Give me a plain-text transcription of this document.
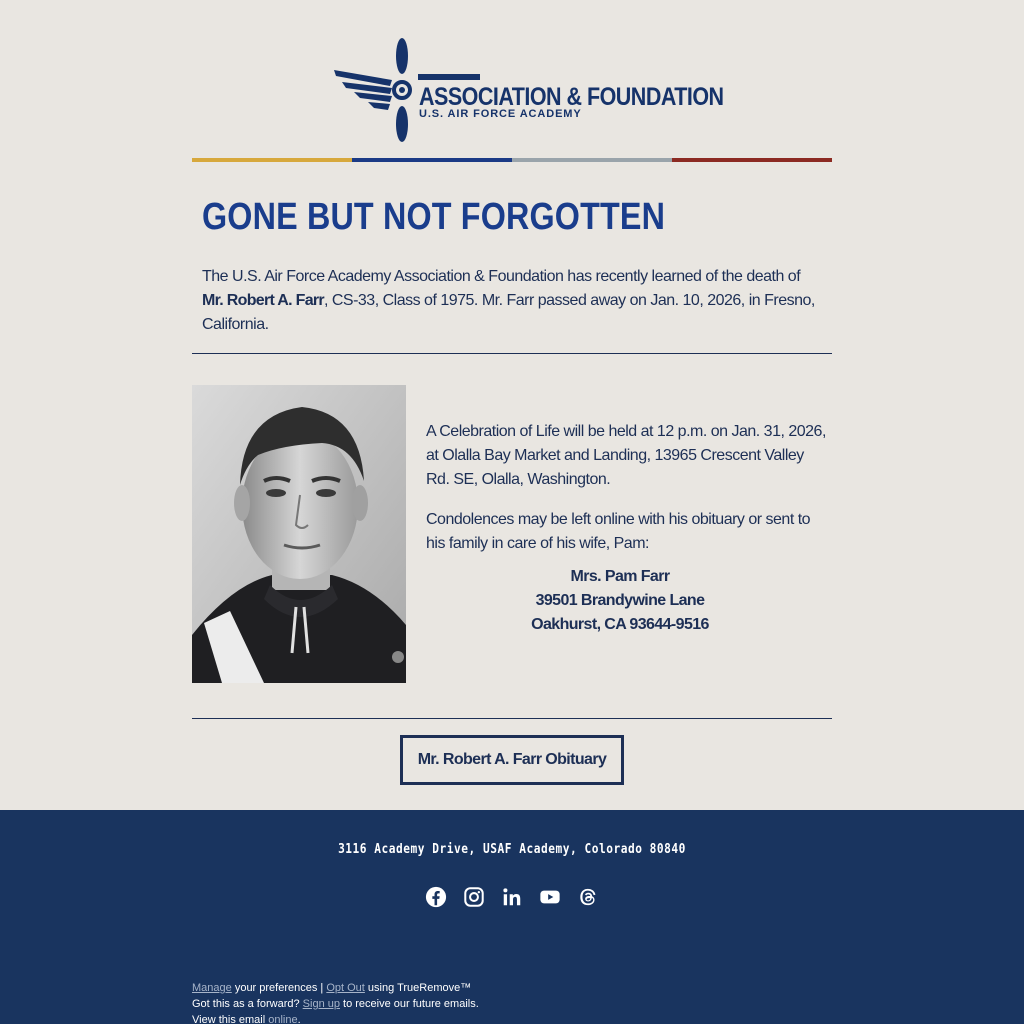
ASSOCIATION & FOUNDATION
U.S. AIR FORCE ACADEMY
GONE BUT NOT FORGOTTEN

The U.S. Air Force Academy Association & Foundation has recently learned of the death of Mr. Robert A. Farr, CS-33, Class of 1975. Mr. Farr passed away on Jan. 10, 2026, in Fresno, California.

A Celebration of Life will be held at 12 p.m. on Jan. 31, 2026, at Olalla Bay Market and Landing, 13965 Crescent Valley Rd. SE, Olalla, Washington.

Condolences may be left online with his obituary or sent to his family in care of his wife, Pam:

Mrs. Pam Farr
39501 Brandywine Lane
Oakhurst, CA 93644-9516
Mr. Robert A. Farr Obituary
3116 Academy Drive, USAF Academy, Colorado 80840
Manage your preferences | Opt Out using TrueRemove™
Got this as a forward? Sign up to receive our future emails.
View this email online.
